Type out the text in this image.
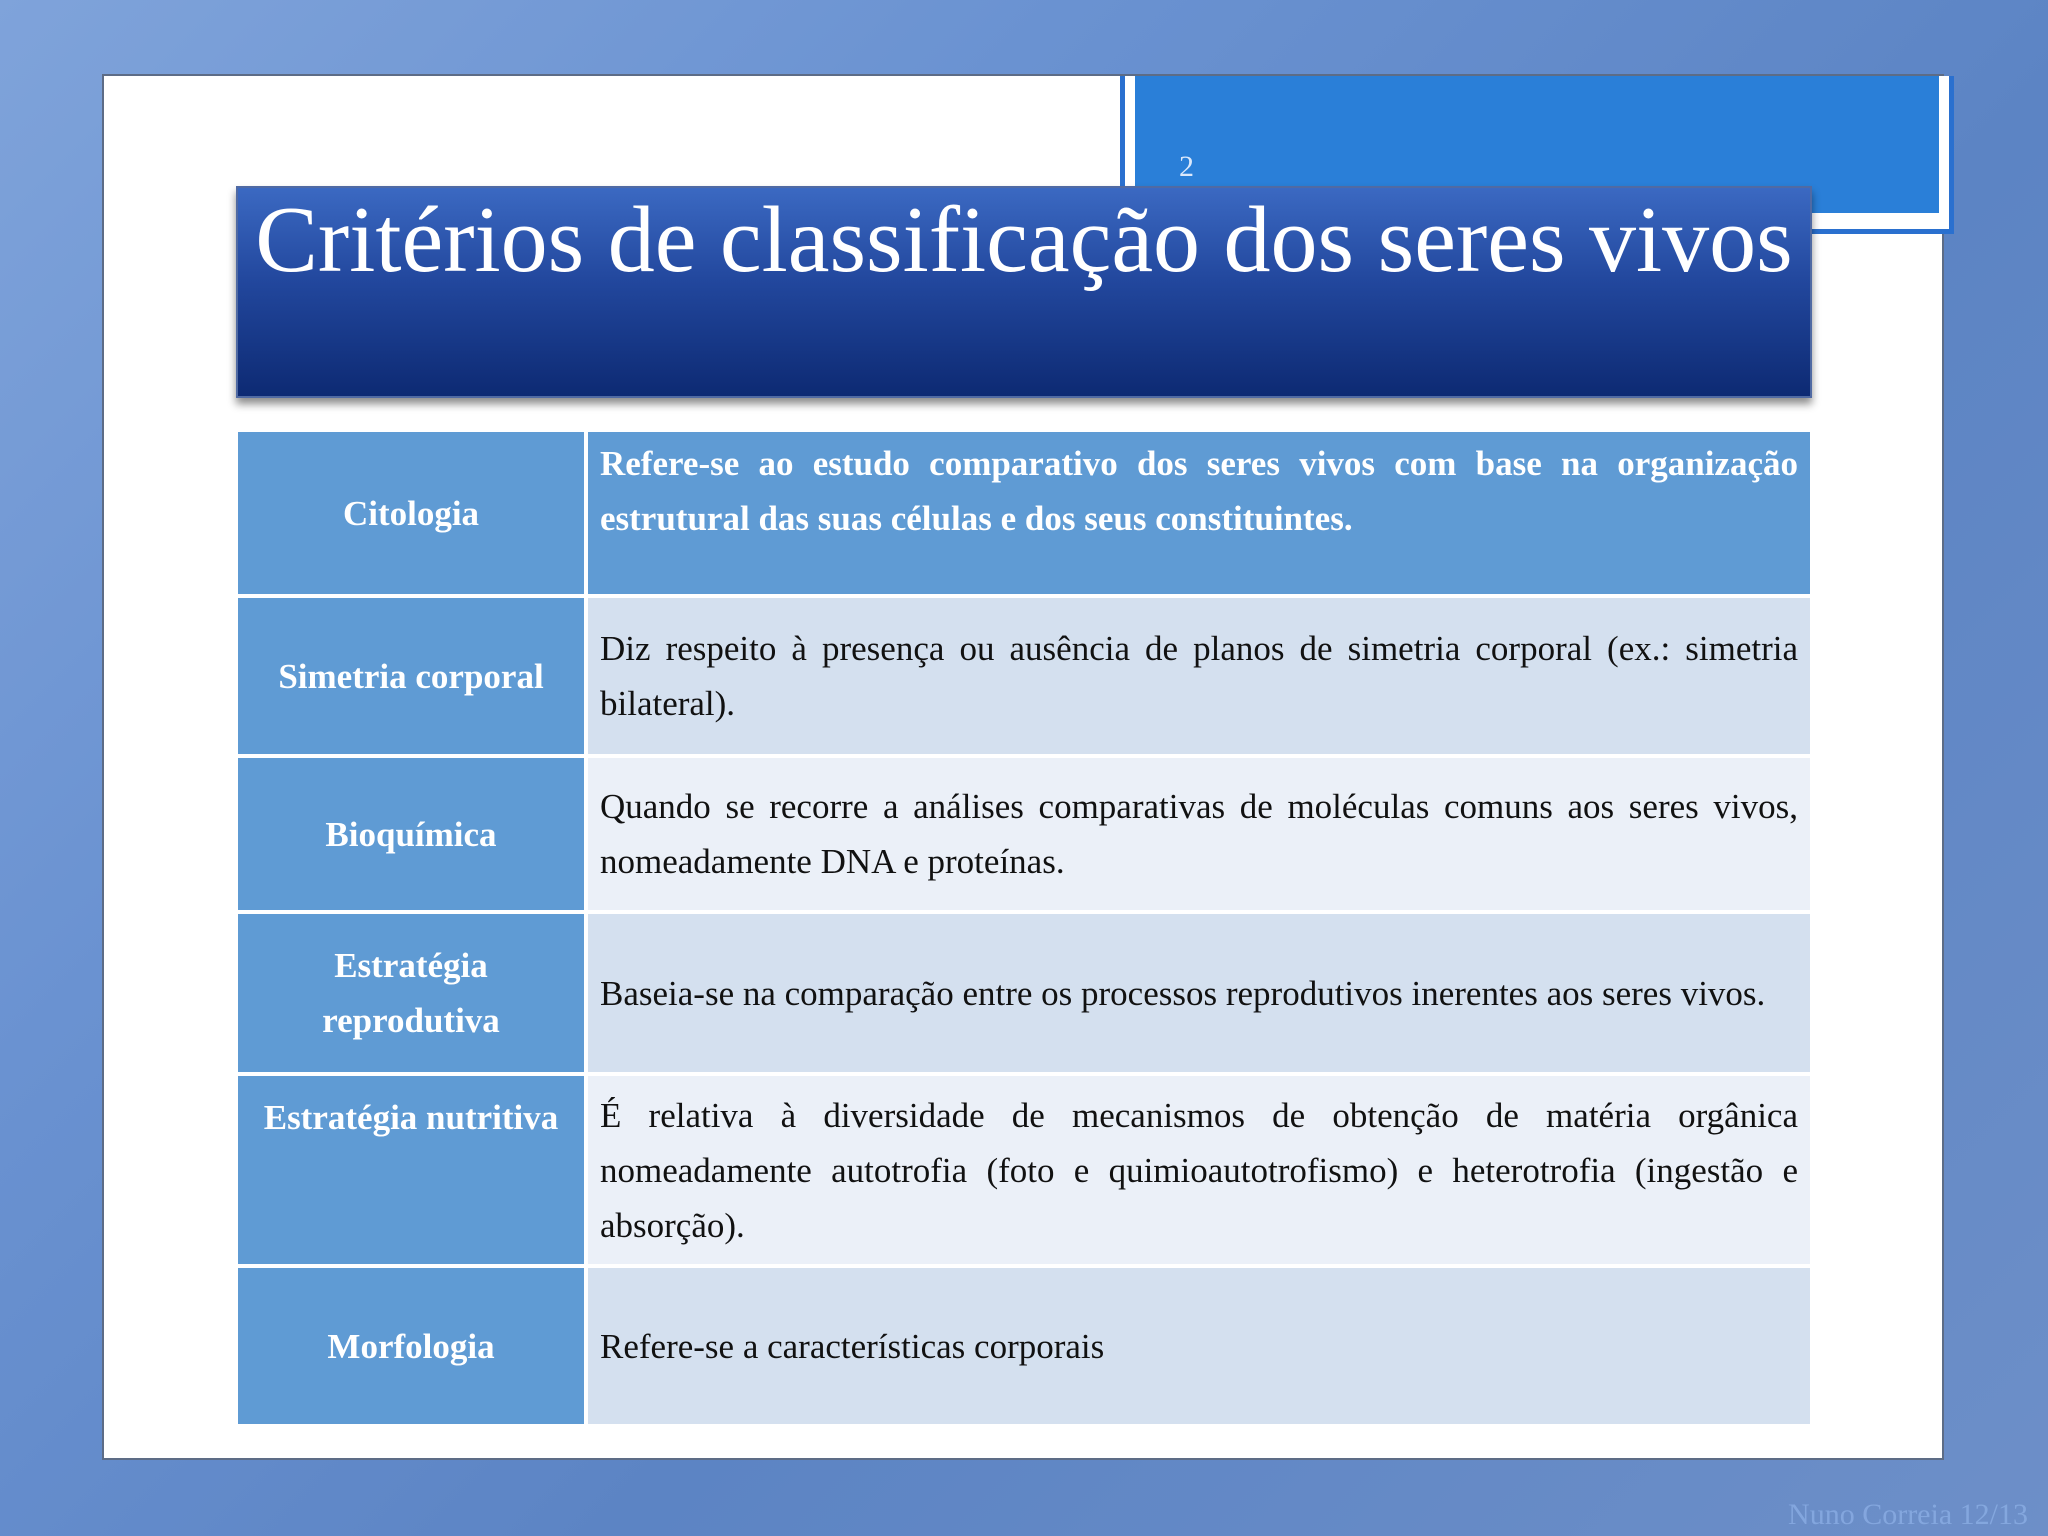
2
Critérios de classificação dos seres vivos
Citologia	Refere-se ao estudo comparativo dos seres vivos com base na organização estrutural das suas células e dos seus constituintes.
Simetria corporal	Diz respeito à presença ou ausência de planos de simetria corporal (ex.: simetria bilateral).
Bioquímica	Quando se recorre a análises comparativas de moléculas comuns aos seres vivos, nomeadamente DNA e proteínas.
Estratégia reprodutiva	Baseia-se na comparação entre os processos reprodutivos inerentes aos seres vivos.
Estratégia nutritiva	É relativa à diversidade de mecanismos de obtenção de matéria orgânica nomeadamente autotrofia (foto e quimioautotrofismo) e heterotrofia (ingestão e absorção).
Morfologia	Refere-se a características corporais
Nuno Correia 12/13
